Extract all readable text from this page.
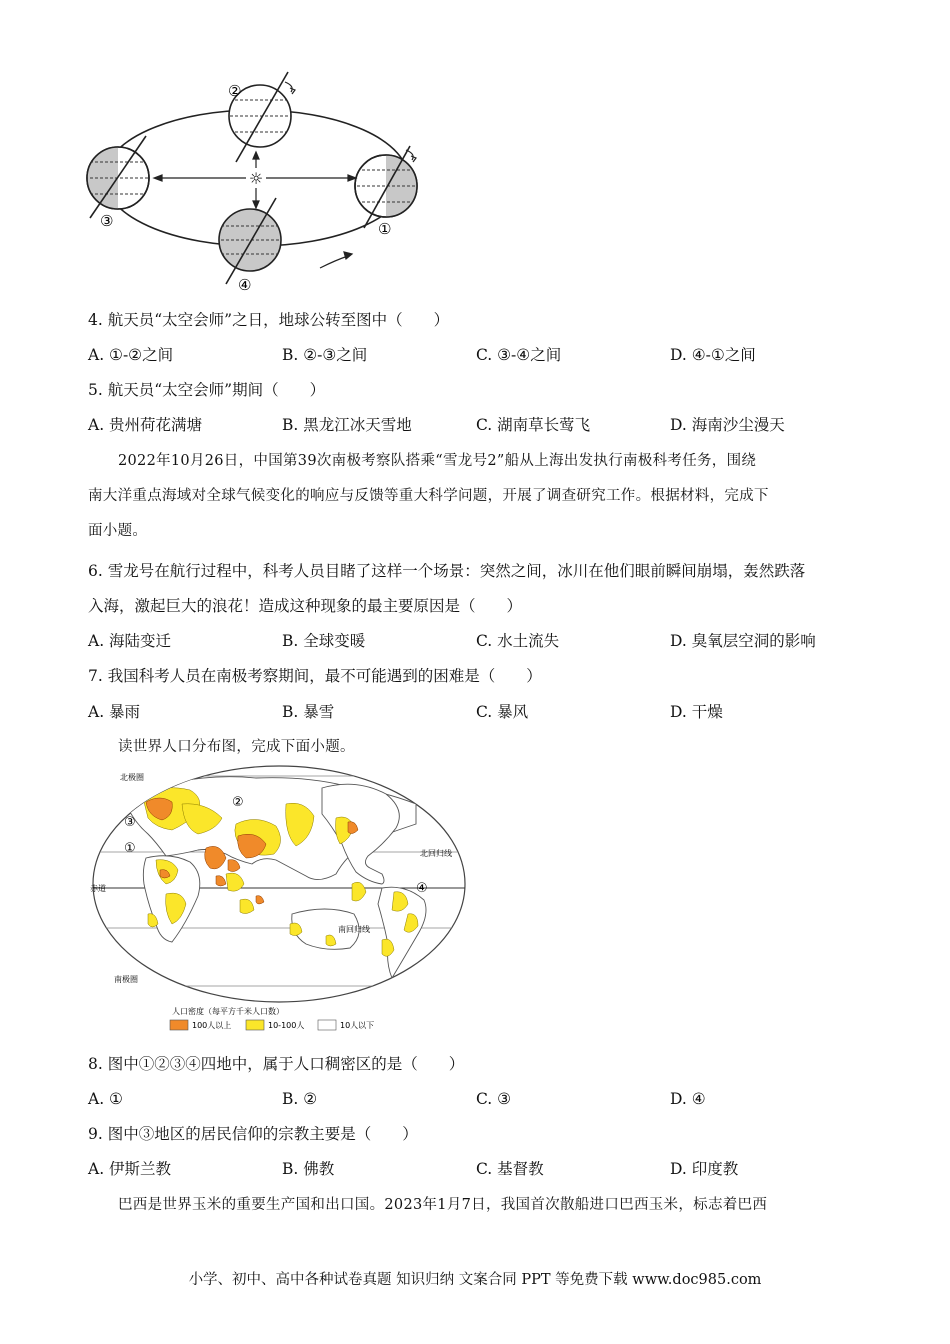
☼
②
③
④
①
4. 航天员“太空会师”之日，地球公转至图中（　　）
A. ①-②之间	B. ②-③之间	C. ③-④之间	D. ④-①之间
5. 航天员“太空会师”期间（　　）
A. 贵州荷花满塘	B. 黑龙江冰天雪地	C. 湖南草长莺飞	D. 海南沙尘漫天
2022年10月26日，中国第39次南极考察队搭乘“雪龙号2”船从上海出发执行南极科考任务，围绕
南大洋重点海域对全球气候变化的响应与反馈等重大科学问题，开展了调查研究工作。根据材料，完成下
面小题。
6. 雪龙号在航行过程中，科考人员目睹了这样一个场景：突然之间，冰川在他们眼前瞬间崩塌，轰然跌落
入海，激起巨大的浪花！造成这种现象的最主要原因是（　　）
A. 海陆变迁	B. 全球变暖	C. 水土流失	D. 臭氧层空洞的影响
7. 我国科考人员在南极考察期间，最不可能遇到的困难是（　　）
A. 暴雨	B. 暴雪	C. 暴风	D. 干燥
读世界人口分布图，完成下面小题。
北极圈
北回归线
赤道
南回归线
南极圈
①
②
③
④
人口密度（每平方千米人口数）
100人以上	10-100人	10人以下
8. 图中①②③④四地中，属于人口稠密区的是（　　）
A. ①	B. ②	C. ③	D. ④
9. 图中③地区的居民信仰的宗教主要是（　　）
A. 伊斯兰教	B. 佛教	C. 基督教	D. 印度教
巴西是世界玉米的重要生产国和出口国。2023年1月7日，我国首次散船进口巴西玉米，标志着巴西
小学、初中、高中各种试卷真题 知识归纳 文案合同 PPT 等免费下载 www.doc985.com
